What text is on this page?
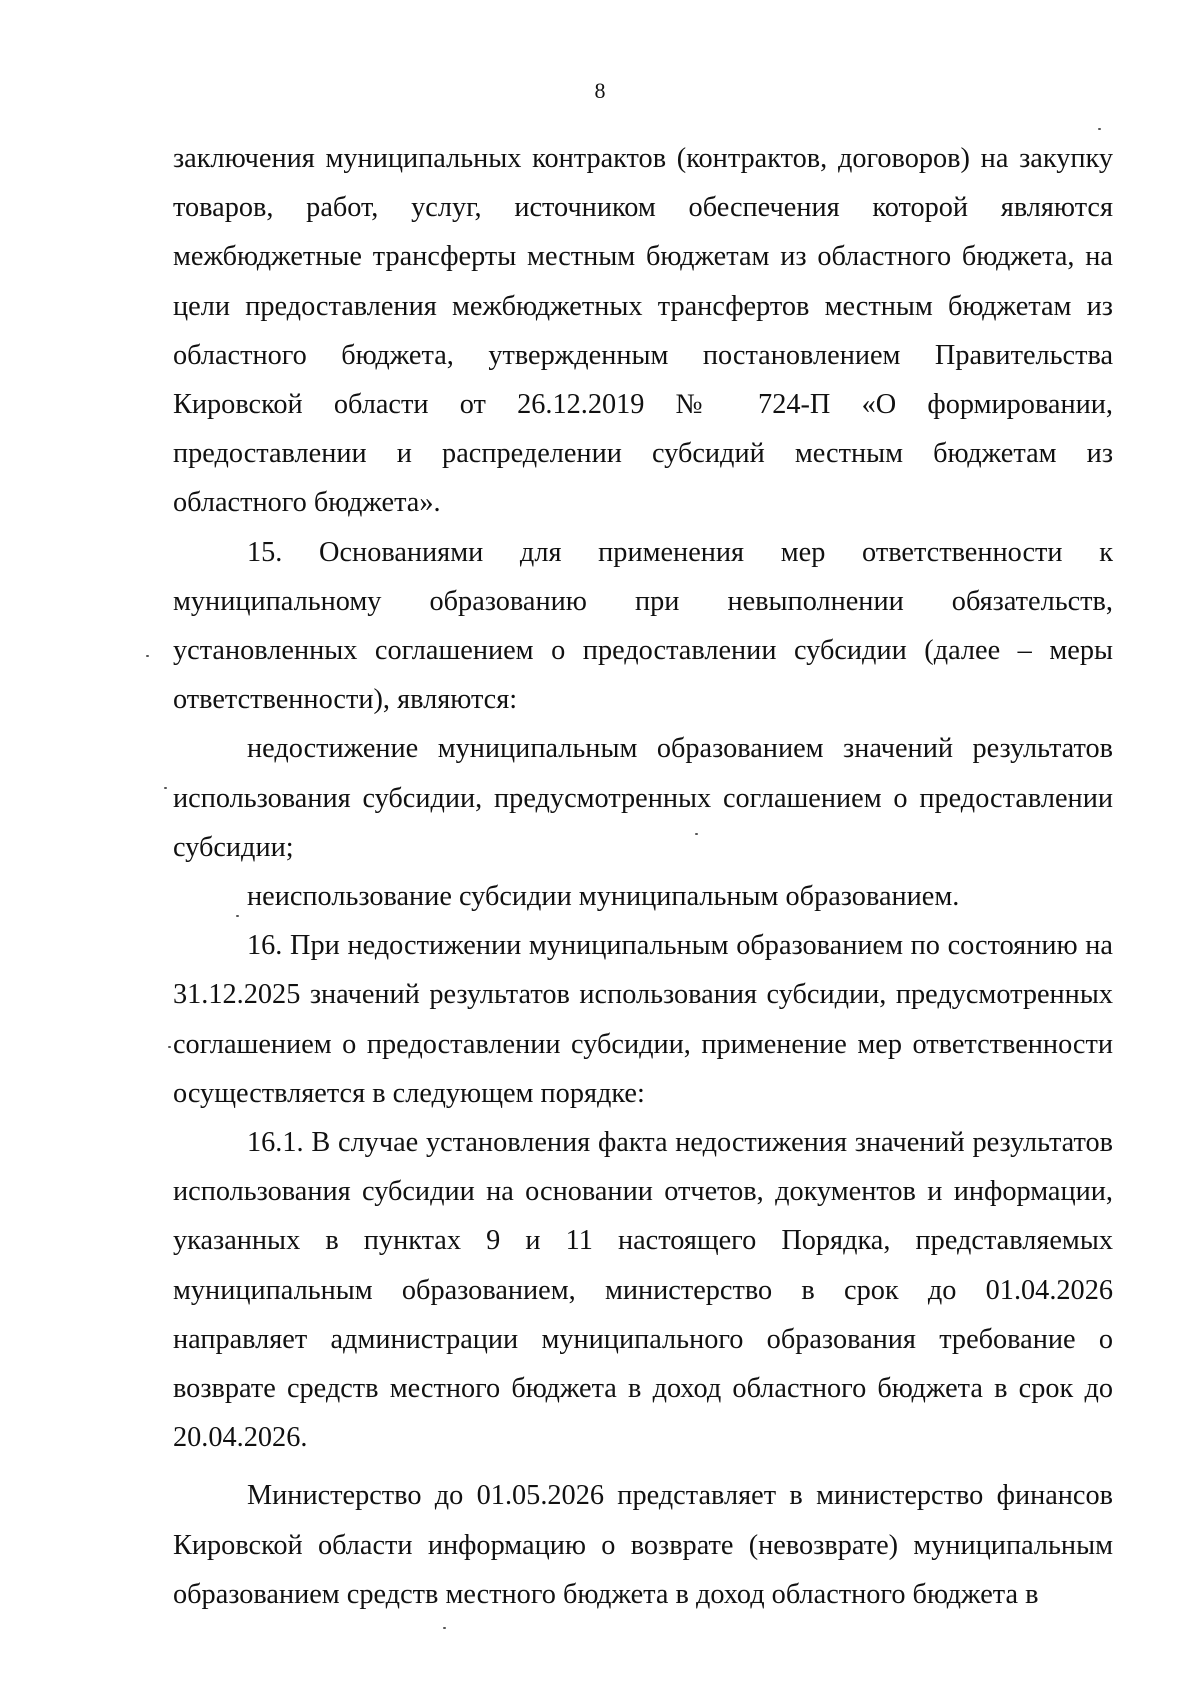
8

заключения муниципальных контрактов (контрактов, договоров) на закупку товаров, работ, услуг, источником обеспечения которой являются межбюджетные трансферты местным бюджетам из областного бюджета, на цели предоставления межбюджетных трансфертов местным бюджетам из областного бюджета, утвержденным постановлением Правительства Кировской области от 26.12.2019 № 724-П «О формировании, предоставлении и распределении субсидий местным бюджетам из областного бюджета».

15. Основаниями для применения мер ответственности к муниципальному образованию при невыполнении обязательств, установленных соглашением о предоставлении субсидии (далее – меры ответственности), являются:

недостижение муниципальным образованием значений результатов использования субсидии, предусмотренных соглашением о предоставлении субсидии;

неиспользование субсидии муниципальным образованием.

16. При недостижении муниципальным образованием по состоянию на 31.12.2025 значений результатов использования субсидии, предусмотренных соглашением о предоставлении субсидии, применение мер ответственности осуществляется в следующем порядке:

16.1. В случае установления факта недостижения значений результатов использования субсидии на основании отчетов, документов и информации, указанных в пунктах 9 и 11 настоящего Порядка, представляемых муниципальным образованием, министерство в срок до 01.04.2026 направляет администрации муниципального образования требование о возврате средств местного бюджета в доход областного бюджета в срок до 20.04.2026.

Министерство до 01.05.2026 представляет в министерство финансов Кировской области информацию о возврате (невозврате) муниципальным образованием средств местного бюджета в доход областного бюджета в
